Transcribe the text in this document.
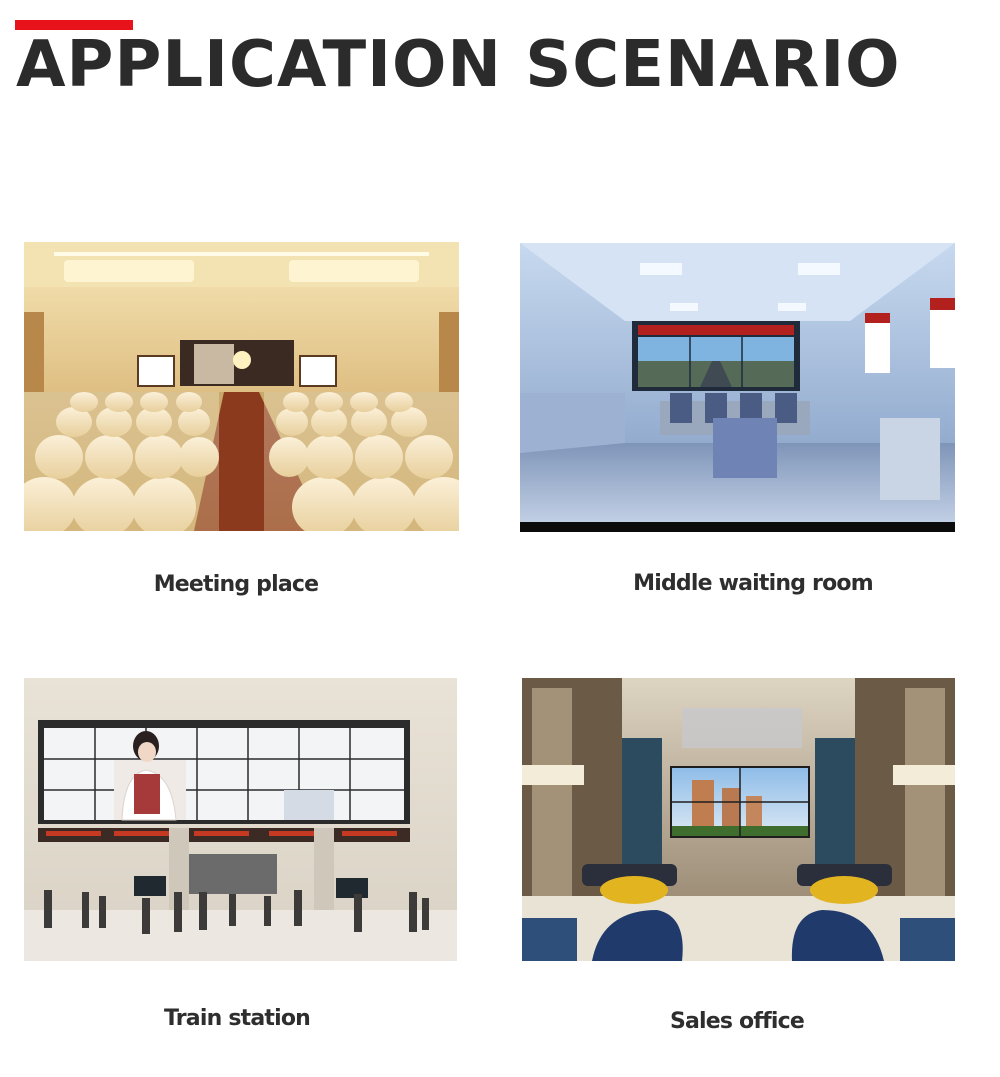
APPLICATION SCENARIO
Meeting place	Middle waiting room
Train station	Sales office
